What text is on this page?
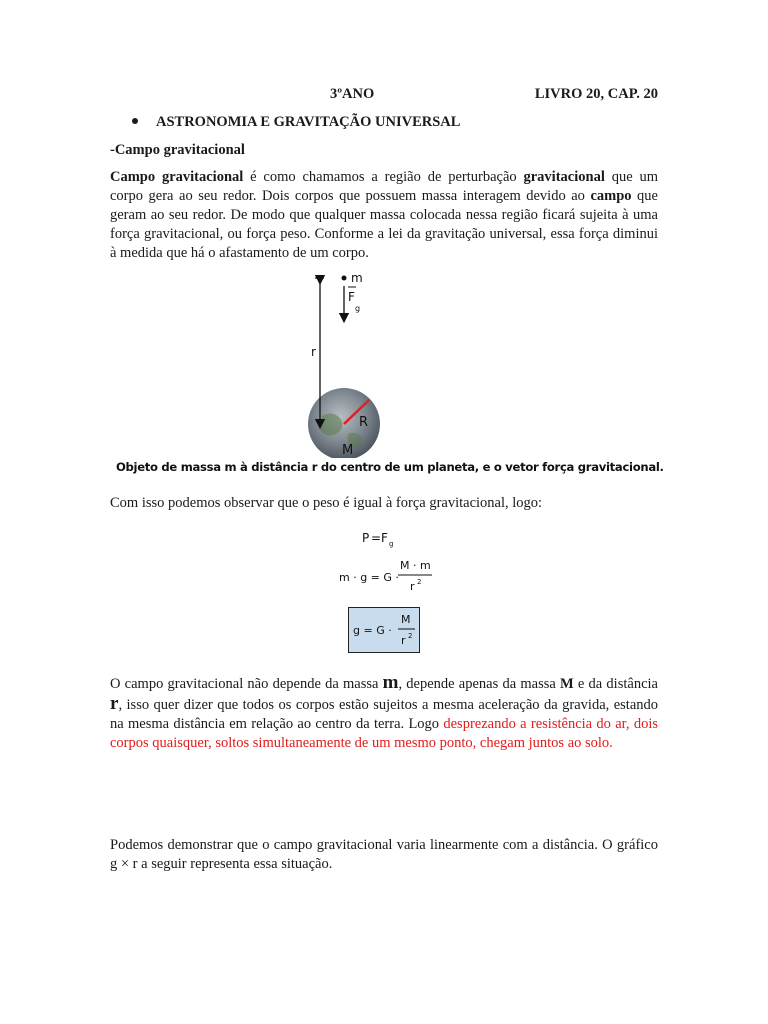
3ºANO	LIVRO 20, CAP. 20
ASTRONOMIA E GRAVITAÇÃO UNIVERSAL
-Campo gravitacional
Campo gravitacional é como chamamos a região de perturbação gravitacional que um corpo gera ao seu redor. Dois corpos que possuem massa interagem devido ao campo que geram ao seu redor. De modo que qualquer massa colocada nessa região ficará sujeita à uma força gravitacional, ou força peso. Conforme a lei da gravitação universal, essa força diminui à medida que há o afastamento de um corpo.
m
F
g
r
R
M
Objeto de massa m à distância r do centro de um planeta, e o vetor força gravitacional.
Com isso podemos observar que o peso é igual à força gravitacional, logo:
P = F g
m · g = G ·
M · m
r 2
g = G ·
M
r 2
O campo gravitacional não depende da massa m, depende apenas da massa M e da distância r, isso quer dizer que todos os corpos estão sujeitos a mesma aceleração da gravida, estando na mesma distância em relação ao centro da terra. Logo desprezando a resistência do ar, dois corpos quaisquer, soltos simultaneamente de um mesmo ponto, chegam juntos ao solo.
Podemos demonstrar que o campo gravitacional varia linearmente com a distância. O gráfico g × r a seguir representa essa situação.
